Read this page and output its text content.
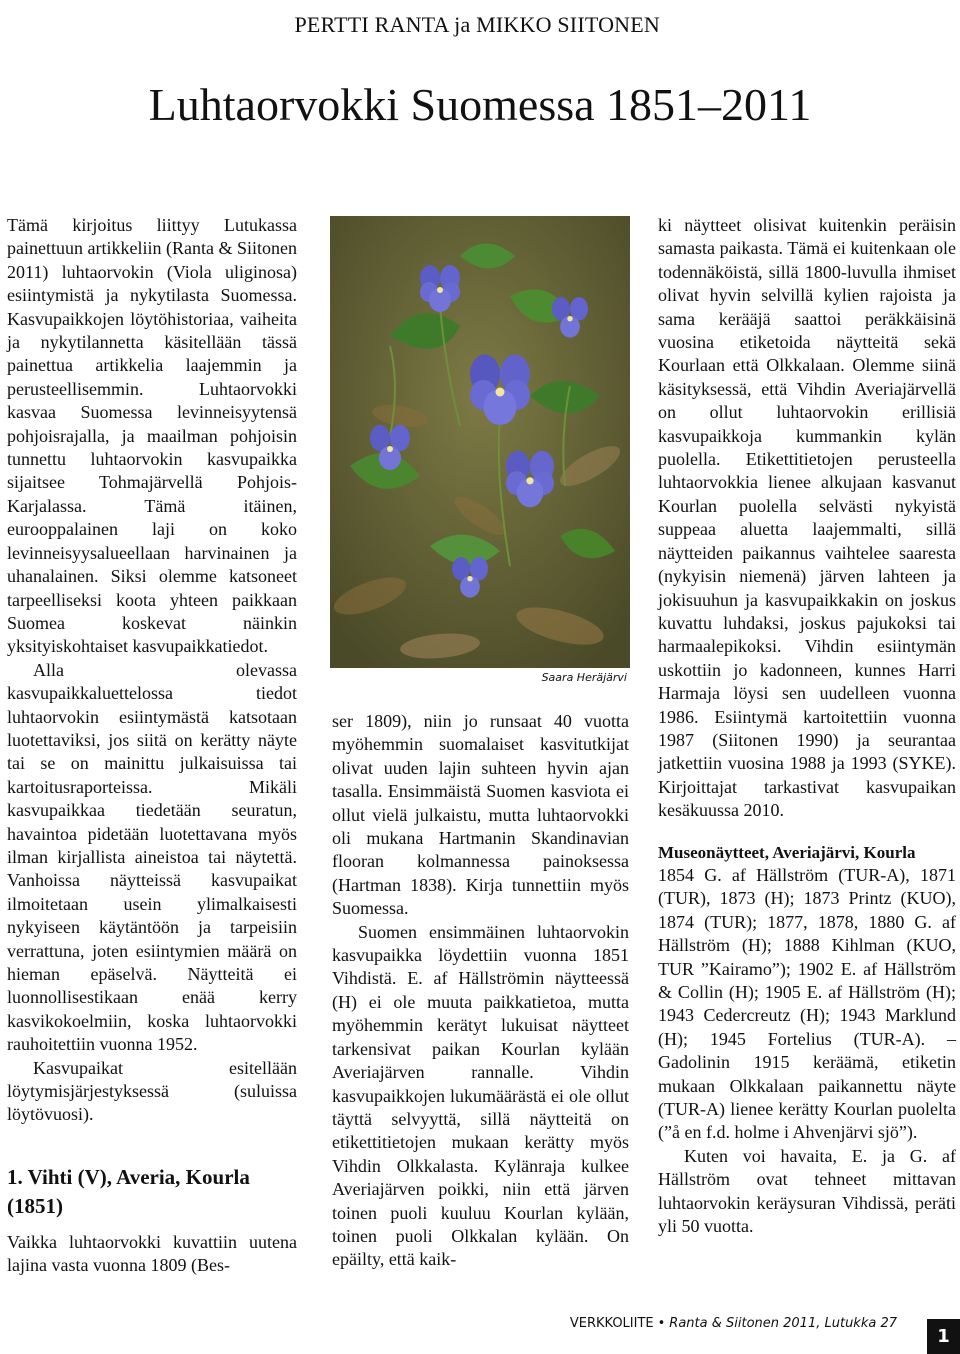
PERTTI RANTA ja MIKKO SIITONEN
Luhtaorvokki Suomessa 1851–2011

Tämä kirjoitus liittyy Lutukassa painettuun artikkeliin (Ranta & Siitonen 2011) luhtaorvokin (Viola uliginosa) esiintymistä ja nykytilasta Suomessa. Kasvupaikkojen löytöhistoriaa, vaiheita ja nykytilannetta käsitellään tässä painettua artikkelia laajemmin ja perusteellisemmin. Luhtaorvokki kasvaa Suomessa levinneisyytensä pohjoisrajalla, ja maailman pohjoisin tunnettu luhtaorvokin kasvupaikka sijaitsee Tohmajärvellä Pohjois-Karjalassa. Tämä itäinen, eurooppalainen laji on koko levinneisyysalueellaan harvinainen ja uhanalainen. Siksi olemme katsoneet tarpeelliseksi koota yhteen paikkaan Suomea koskevat näinkin yksityiskohtaiset kasvupaikkatiedot.

Alla olevassa kasvupaikkaluettelossa tiedot luhtaorvokin esiintymästä katsotaan luotettaviksi, jos siitä on kerätty näyte tai se on mainittu julkaisuissa tai kartoitusraporteissa. Mikäli kasvupaikkaa tiedetään seuratun, havaintoa pidetään luotettavana myös ilman kirjallista aineistoa tai näytettä. Vanhoissa näytteissä kasvupaikat ilmoitetaan usein ylimalkaisesti nykyiseen käytäntöön ja tarpeisiin verrattuna, joten esiintymien määrä on hieman epäselvä. Näytteitä ei luonnollisestikaan enää kerry kasvikokoelmiin, koska luhtaorvokki rauhoitettiin vuonna 1952.

Kasvupaikat esitellään löytymisjärjestyksessä (suluissa löytövuosi).

1. Vihti (V), Averia, Kourla (1851)

Vaikka luhtaorvokki kuvattiin uutena lajina vasta vuonna 1809 (Bes-

Saara Heräjärvi

ser 1809), niin jo runsaat 40 vuotta myöhemmin suomalaiset kasvitutkijat olivat uuden lajin suhteen hyvin ajan tasalla. Ensimmäistä Suomen kasviota ei ollut vielä julkaistu, mutta luhtaorvokki oli mukana Hartmanin Skandinavian flooran kolmannessa painoksessa (Hartman 1838). Kirja tunnettiin myös Suomessa.

Suomen ensimmäinen luhtaorvokin kasvupaikka löydettiin vuonna 1851 Vihdistä. E. af Hällströmin näytteessä (H) ei ole muuta paikkatietoa, mutta myöhemmin kerätyt lukuisat näytteet tarkensivat paikan Kourlan kylään Averiajärven rannalle. Vihdin kasvupaikkojen lukumäärästä ei ole ollut täyttä selvyyttä, sillä näytteitä on etikettitietojen mukaan kerätty myös Vihdin Olkkalasta. Kylänraja kulkee Averiajärven poikki, niin että järven toinen puoli kuuluu Kourlan kylään, toinen puoli Olkkalan kylään. On epäilty, että kaik-

ki näytteet olisivat kuitenkin peräisin samasta paikasta. Tämä ei kuitenkaan ole todennäköistä, sillä 1800-luvulla ihmiset olivat hyvin selvillä kylien rajoista ja sama kerääjä saattoi peräkkäisinä vuosina etiketoida näytteitä sekä Kourlaan että Olkkalaan. Olemme siinä käsityksessä, että Vihdin Averiajärvellä on ollut luhtaorvokin erillisiä kasvupaikkoja kummankin kylän puolella. Etikettitietojen perusteella luhtaorvokkia lienee alkujaan kasvanut Kourlan puolella selvästi nykyistä suppeaa aluetta laajemmalti, sillä näytteiden paikannus vaihtelee saaresta (nykyisin niemenä) järven lahteen ja jokisuuhun ja kasvupaikkakin on joskus kuvattu luhdaksi, joskus pajukoksi tai harmaalepikoksi. Vihdin esiintymän uskottiin jo kadonneen, kunnes Harri Harmaja löysi sen uudelleen vuonna 1986. Esiintymä kartoitettiin vuonna 1987 (Siitonen 1990) ja seurantaa jatkettiin vuosina 1988 ja 1993 (SYKE). Kirjoittajat tarkastivat kasvupaikan kesäkuussa 2010.

Museonäytteet, Averiajärvi, Kourla

1854 G. af Hällström (TUR-A), 1871 (TUR), 1873 (H); 1873 Printz (KUO), 1874 (TUR); 1877, 1878, 1880 G. af Hällström (H); 1888 Kihlman (KUO, TUR ”Kairamo”); 1902 E. af Hällström & Collin (H); 1905 E. af Hällström (H); 1943 Cedercreutz (H); 1943 Marklund (H); 1945 Fortelius (TUR-A). – Gadolinin 1915 keräämä, etiketin mukaan Olkkalaan paikannettu näyte (TUR-A) lienee kerätty Kourlan puolelta (”å en f.d. holme i Ahvenjärvi sjö”).

Kuten voi havaita, E. ja G. af Hällström ovat tehneet mittavan luhtaorvokin keräysuran Vihdissä, peräti yli 50 vuotta.

VERKKOLIITE • Ranta & Siitonen 2011, Lutukka 27
1
